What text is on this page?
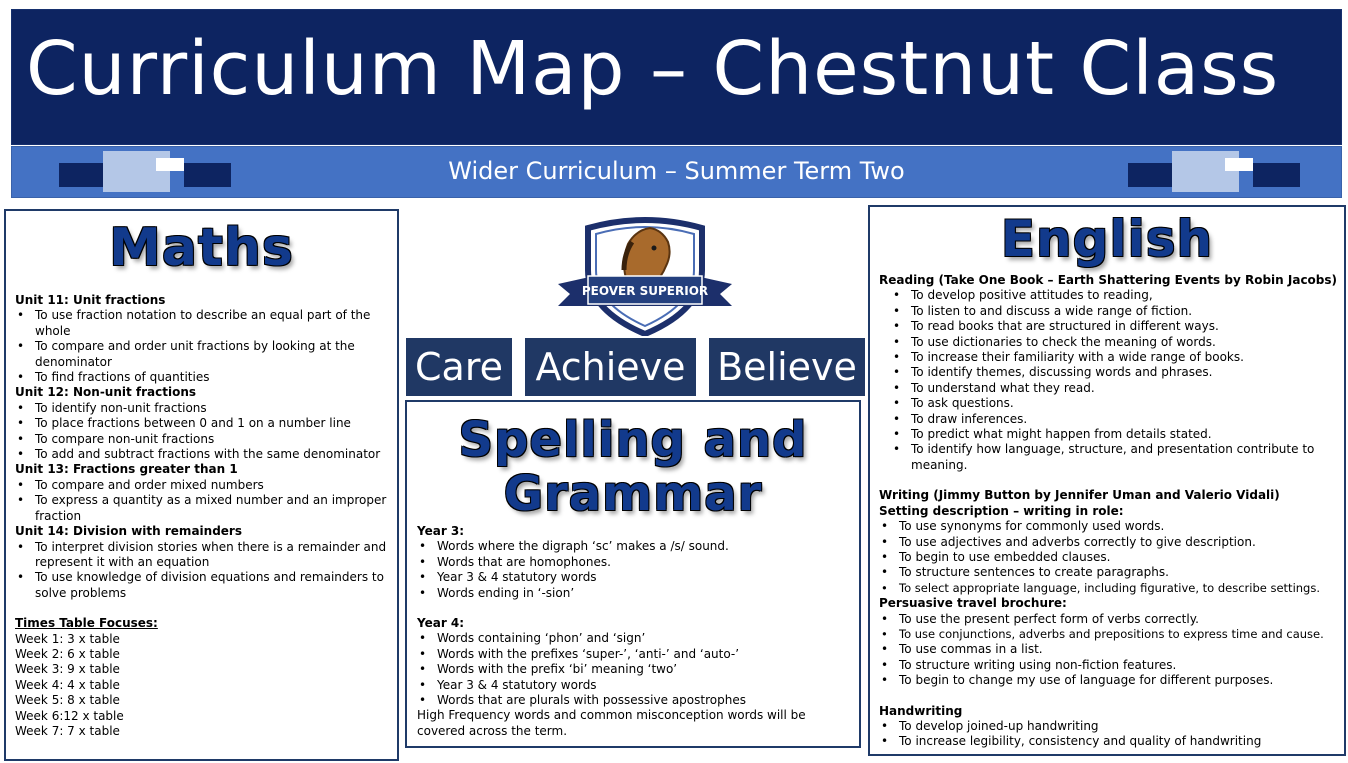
Curriculum Map – Chestnut Class
Wider Curriculum – Summer Term Two
Maths
Unit 11: Unit fractions
• To use fraction notation to describe an equal part of the whole
• To compare and order unit fractions by looking at the denominator
• To find fractions of quantities
Unit 12: Non-unit fractions
• To identify non-unit fractions
• To place fractions between 0 and 1 on a number line
• To compare non-unit fractions
• To add and subtract fractions with the same denominator
Unit 13: Fractions greater than 1
• To compare and order mixed numbers
• To express a quantity as a mixed number and an improper fraction
Unit 14: Division with remainders
• To interpret division stories when there is a remainder and represent it with an equation
• To use knowledge of division equations and remainders to solve problems
Times Table Focuses:
Week 1: 3 x table
Week 2: 6 x table
Week 3: 9 x table
Week 4: 4 x table
Week 5: 8 x table
Week 6:12 x table
Week 7: 7 x table
PEOVER SUPERIOR
Care Achieve Believe
Spelling and
Grammar
Year 3:
• Words where the digraph ‘sc’ makes a /s/ sound.
• Words that are homophones.
• Year 3 & 4 statutory words
• Words ending in ‘-sion’
Year 4:
• Words containing ‘phon’ and ‘sign’
• Words with the prefixes ‘super-’, ‘anti-’ and ‘auto-’
• Words with the prefix ‘bi’ meaning ‘two’
• Year 3 & 4 statutory words
• Words that are plurals with possessive apostrophes
High Frequency words and common misconception words will be covered across the term.
English
Reading (Take One Book – Earth Shattering Events by Robin Jacobs)
• To develop positive attitudes to reading,
• To listen to and discuss a wide range of fiction.
• To read books that are structured in different ways.
• To use dictionaries to check the meaning of words.
• To increase their familiarity with a wide range of books.
• To identify themes, discussing words and phrases.
• To understand what they read.
• To ask questions.
• To draw inferences.
• To predict what might happen from details stated.
• To identify how language, structure, and presentation contribute to meaning.
Writing (Jimmy Button by Jennifer Uman and Valerio Vidali)
Setting description – writing in role:
• To use synonyms for commonly used words.
• To use adjectives and adverbs correctly to give description.
• To begin to use embedded clauses.
• To structure sentences to create paragraphs.
• To select appropriate language, including figurative, to describe settings.
Persuasive travel brochure:
• To use the present perfect form of verbs correctly.
• To use conjunctions, adverbs and prepositions to express time and cause.
• To use commas in a list.
• To structure writing using non-fiction features.
• To begin to change my use of language for different purposes.
Handwriting
• To develop joined-up handwriting
• To increase legibility, consistency and quality of handwriting
